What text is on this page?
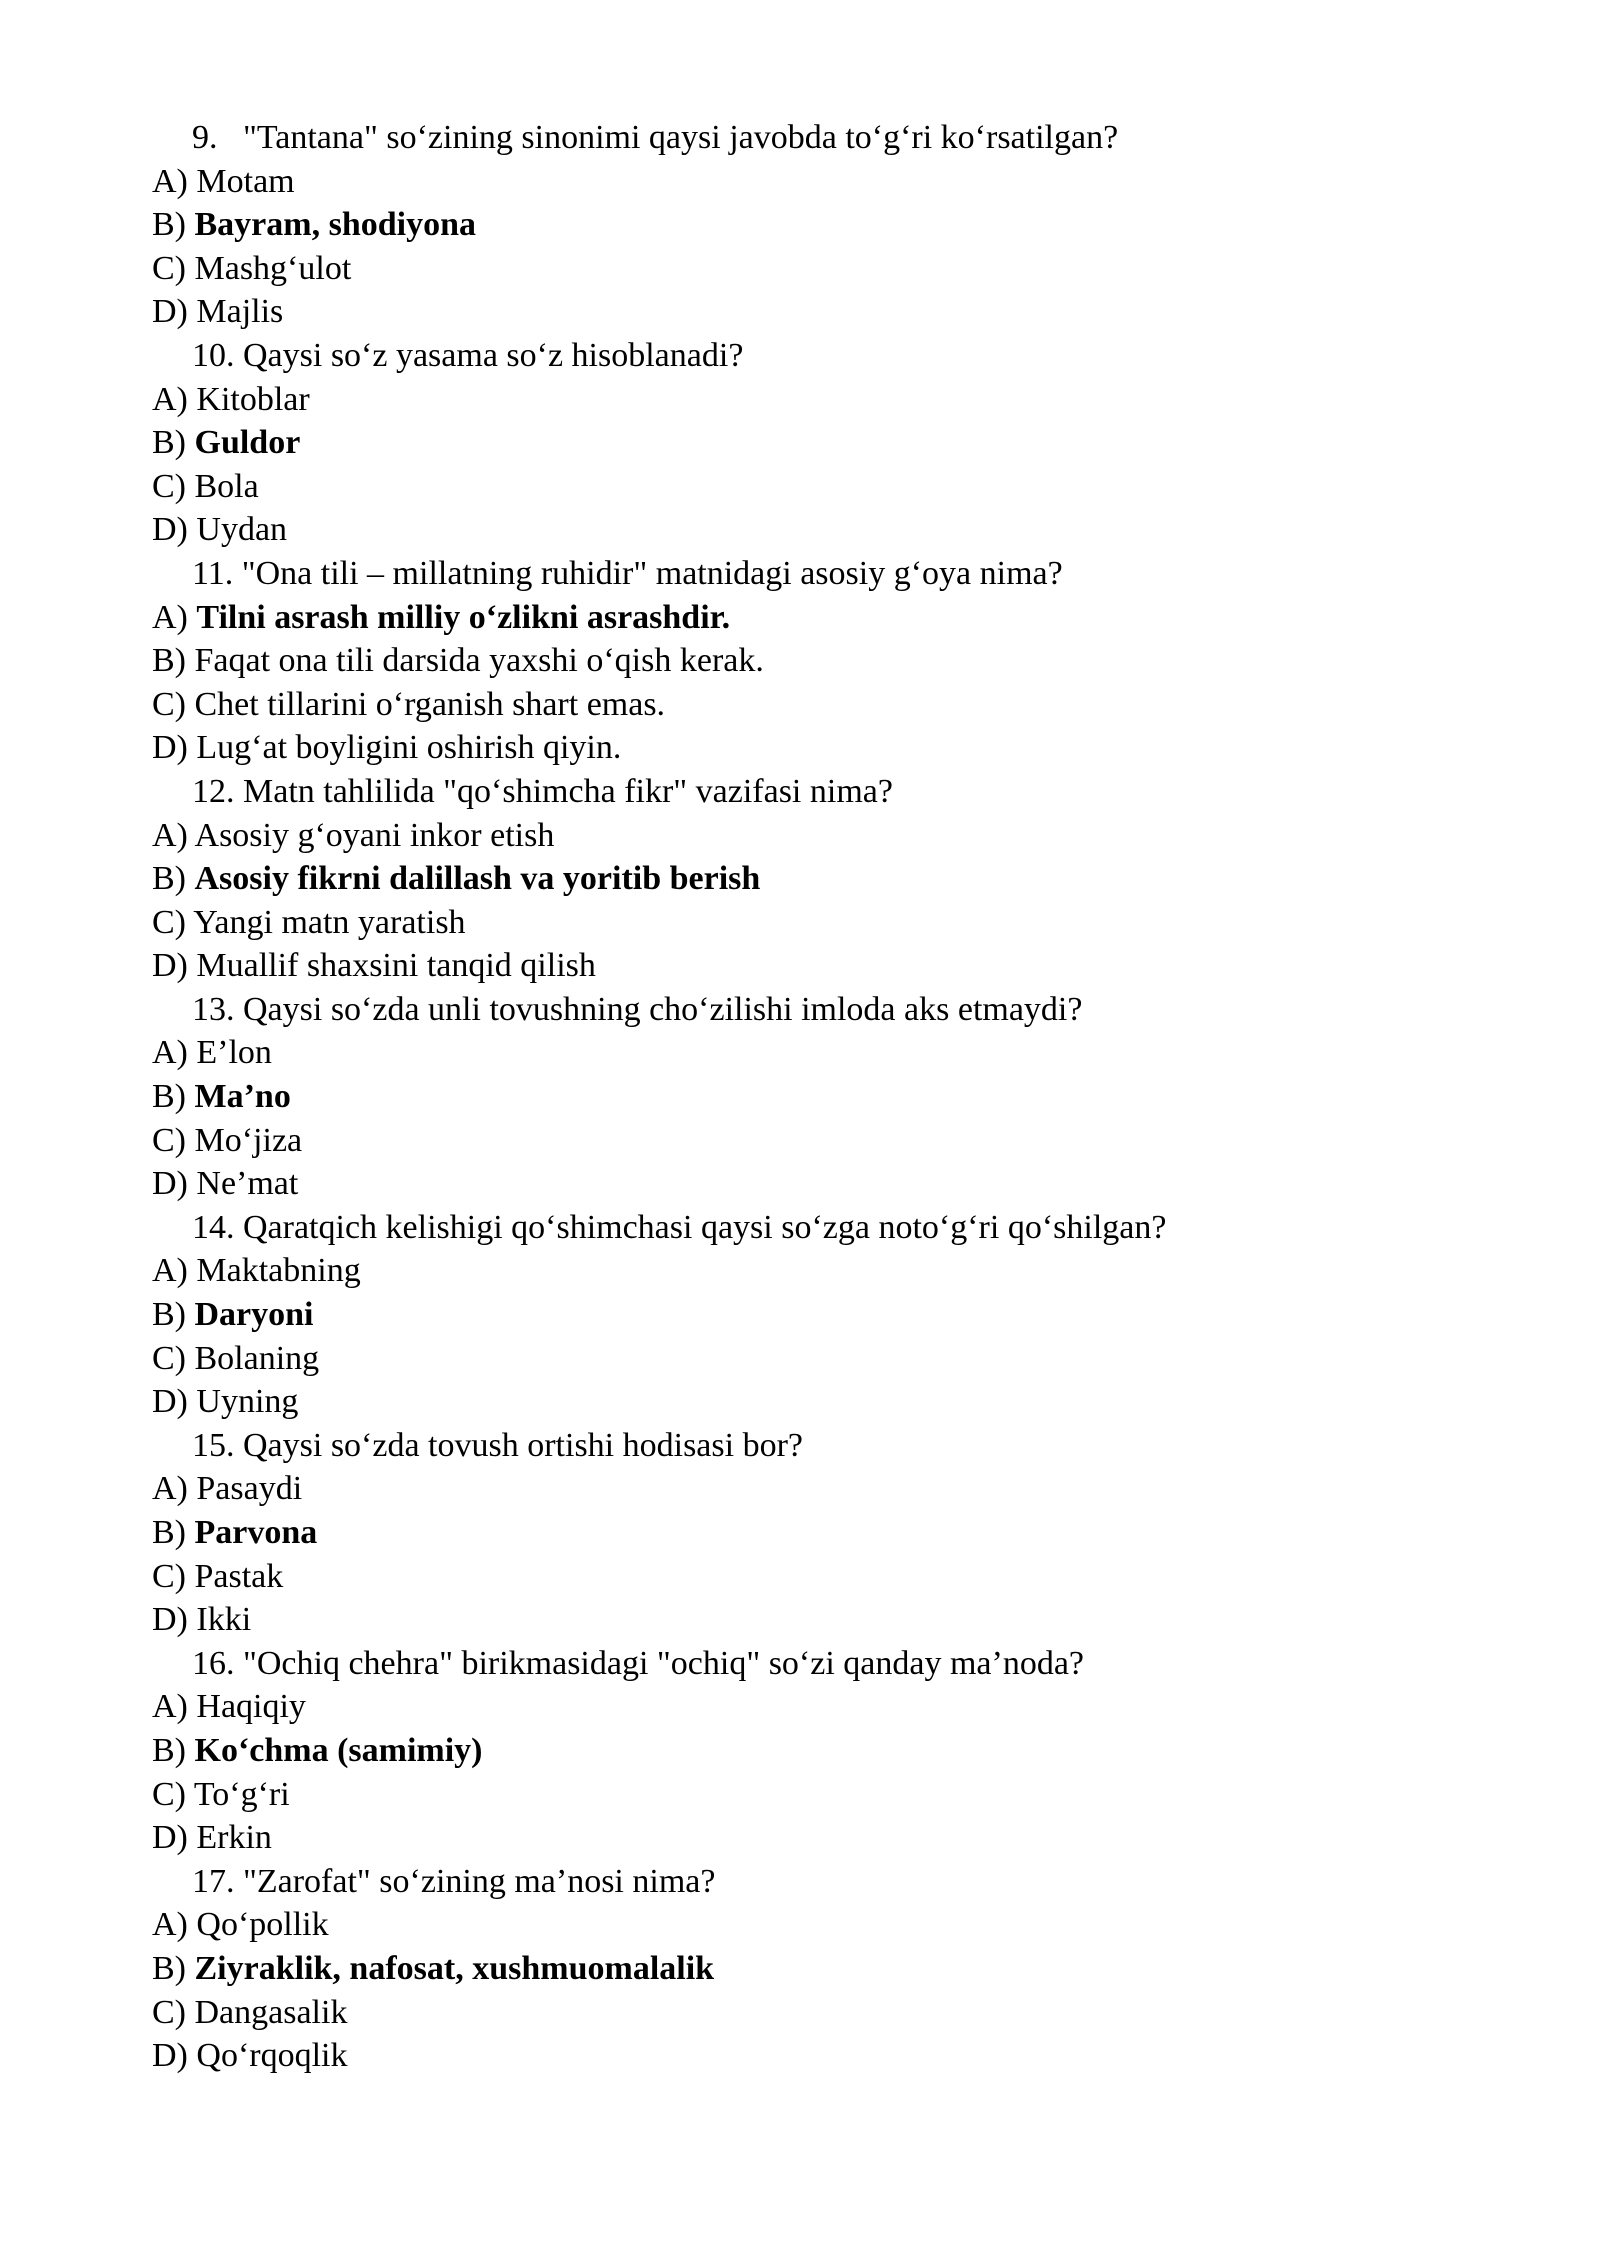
9. "Tantana" so‘zining sinonimi qaysi javobda to‘g‘ri ko‘rsatilgan?
A) Motam
B) Bayram, shodiyona
C) Mashg‘ulot
D) Majlis
10. Qaysi so‘z yasama so‘z hisoblanadi?
A) Kitoblar
B) Guldor
C) Bola
D) Uydan
11. "Ona tili – millatning ruhidir" matnidagi asosiy g‘oya nima?
A) Tilni asrash milliy o‘zlikni asrashdir.
B) Faqat ona tili darsida yaxshi o‘qish kerak.
C) Chet tillarini o‘rganish shart emas.
D) Lug‘at boyligini oshirish qiyin.
12. Matn tahlilida "qo‘shimcha fikr" vazifasi nima?
A) Asosiy g‘oyani inkor etish
B) Asosiy fikrni dalillash va yoritib berish
C) Yangi matn yaratish
D) Muallif shaxsini tanqid qilish
13. Qaysi so‘zda unli tovushning cho‘zilishi imloda aks etmaydi?
A) E’lon
B) Ma’no
C) Mo‘jiza
D) Ne’mat
14. Qaratqich kelishigi qo‘shimchasi qaysi so‘zga noto‘g‘ri qo‘shilgan?
A) Maktabning
B) Daryoni
C) Bolaning
D) Uyning
15. Qaysi so‘zda tovush ortishi hodisasi bor?
A) Pasaydi
B) Parvona
C) Pastak
D) Ikki
16. "Ochiq chehra" birikmasidagi "ochiq" so‘zi qanday ma’noda?
A) Haqiqiy
B) Ko‘chma (samimiy)
C) To‘g‘ri
D) Erkin
17. "Zarofat" so‘zining ma’nosi nima?
A) Qo‘pollik
B) Ziyraklik, nafosat, xushmuomalalik
C) Dangasalik
D) Qo‘rqoqlik
